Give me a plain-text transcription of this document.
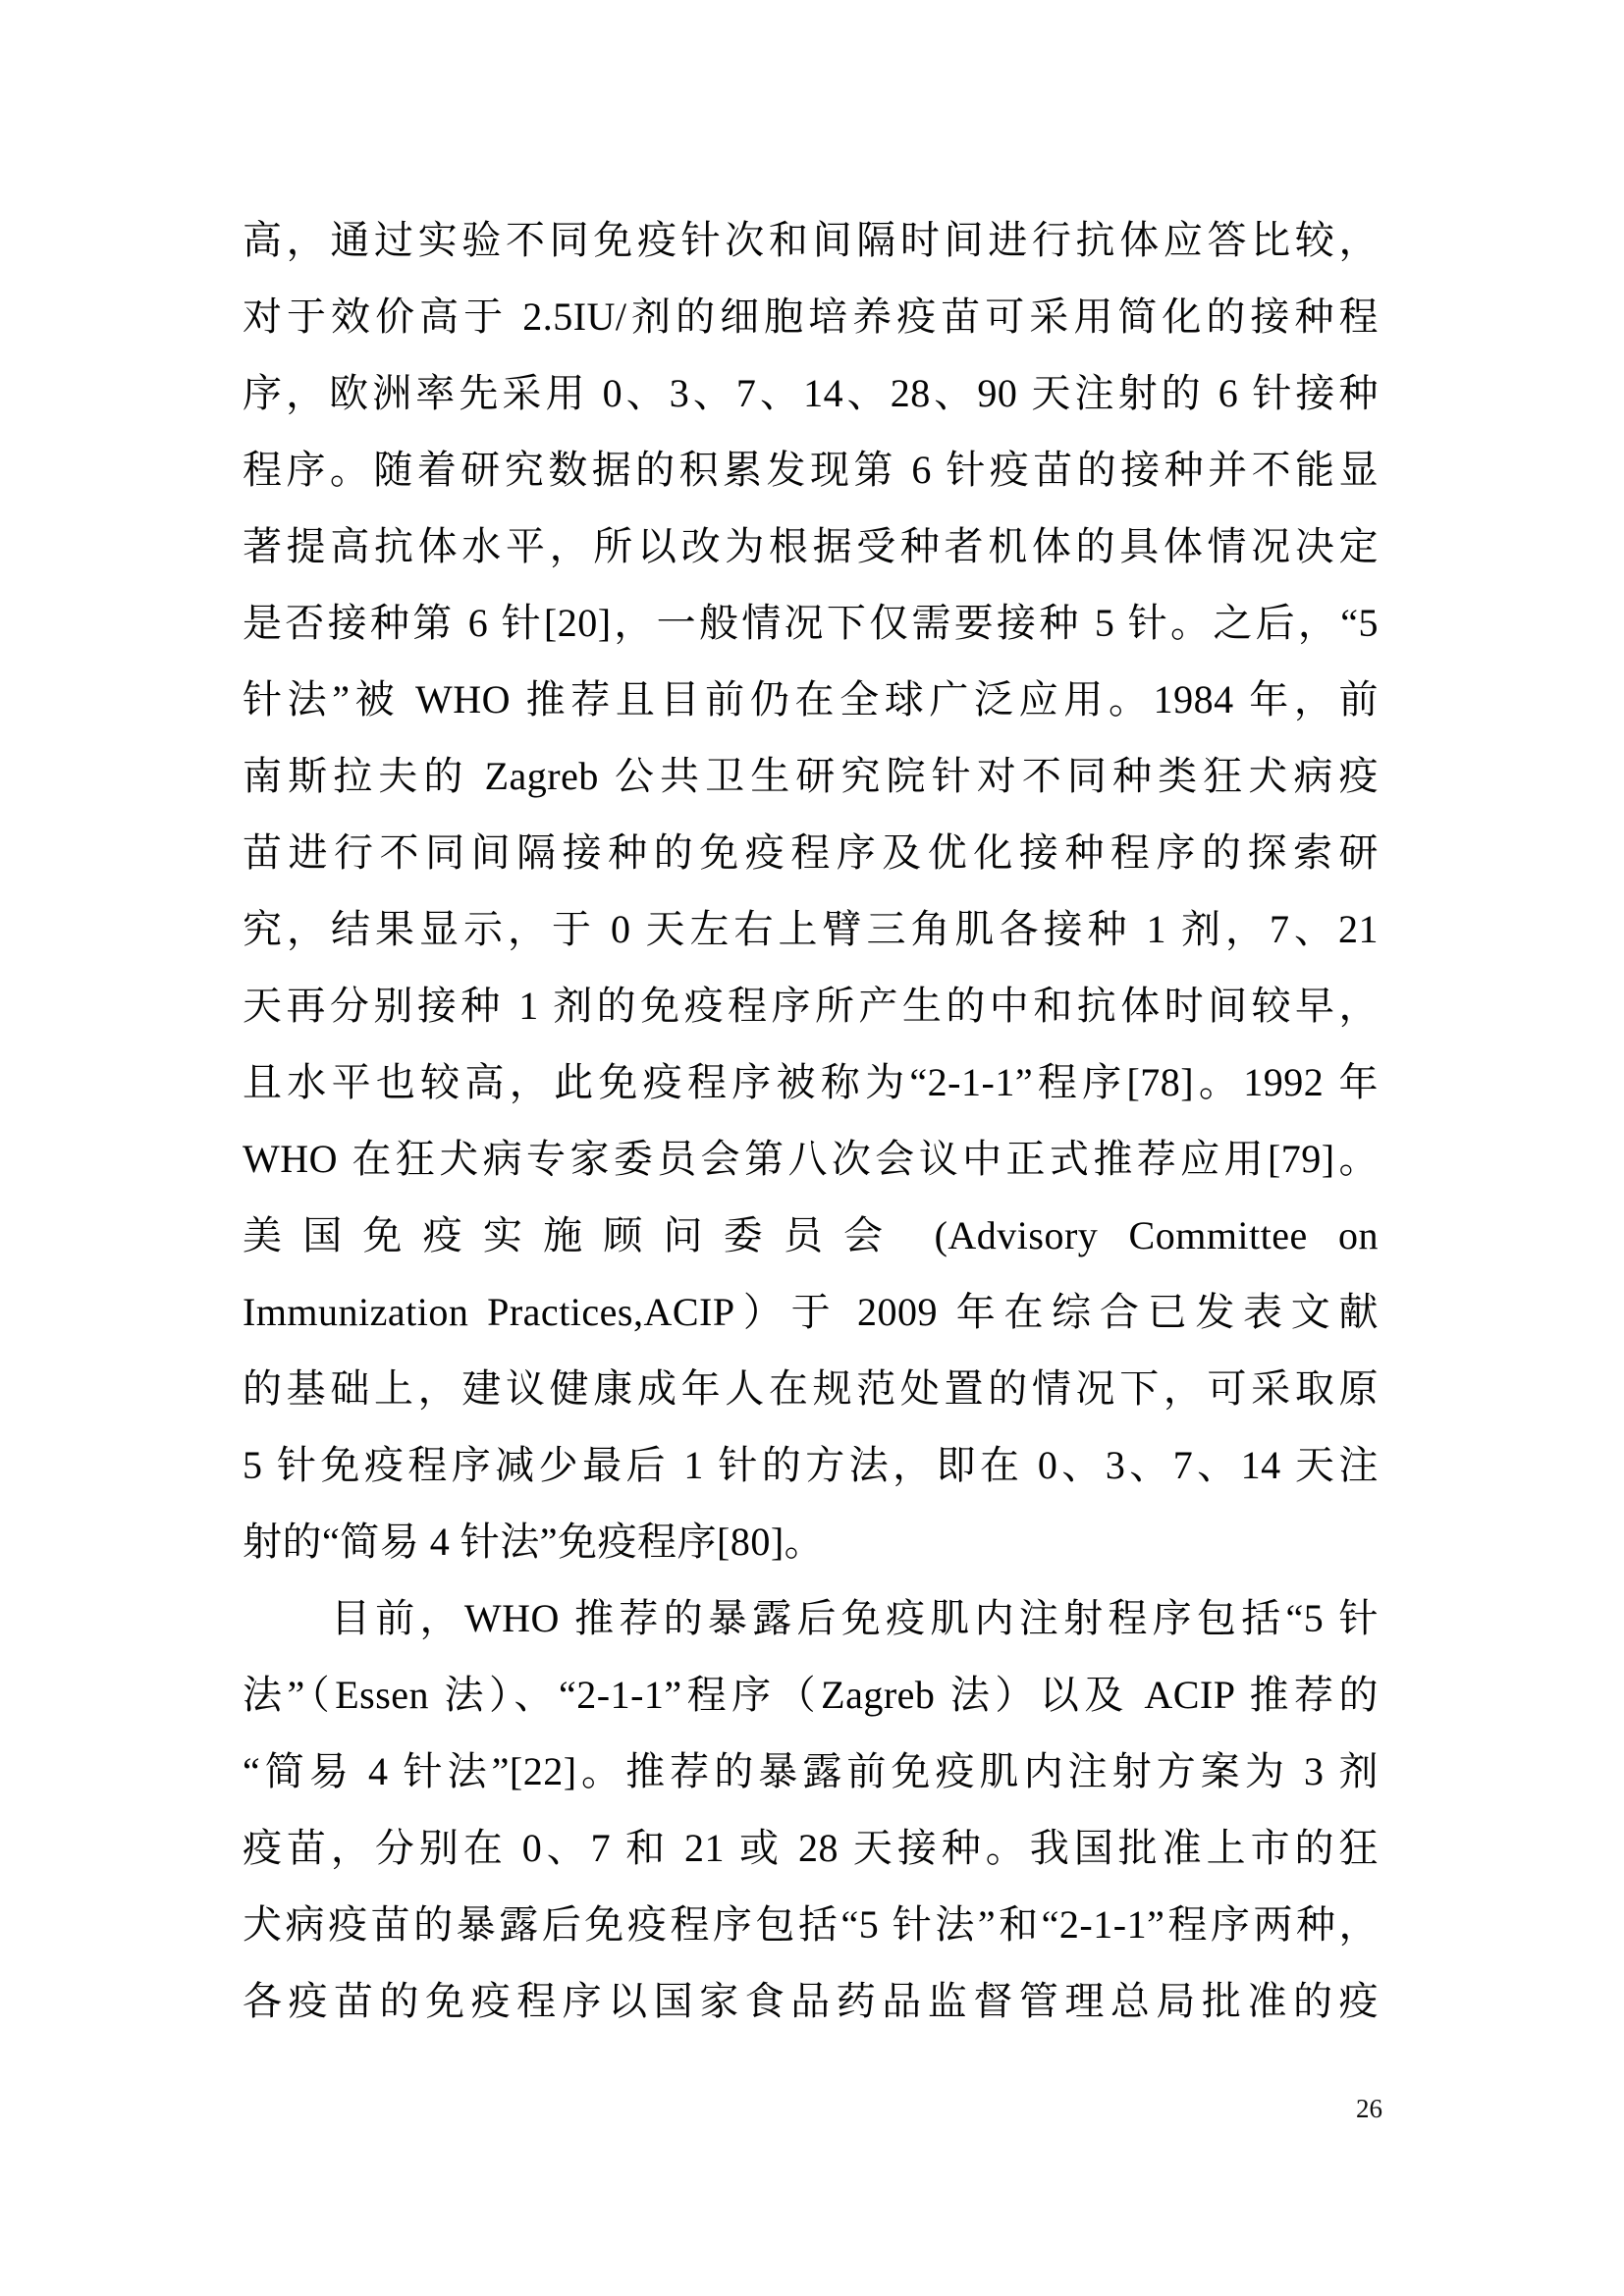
高，通过实验不同免疫针次和间隔时间进行抗体应答比较，
对于效价高于 2.5IU/剂的细胞培养疫苗可采用简化的接种程
序，欧洲率先采用 0、3、7、14、28、90 天注射的 6 针接种
程序。随着研究数据的积累发现第 6 针疫苗的接种并不能显
著提高抗体水平，所以改为根据受种者机体的具体情况决定
是否接种第 6 针[20]，一般情况下仅需要接种 5 针。之后，“5
针法”被 WHO 推荐且目前仍在全球广泛应用。1984 年，前
南斯拉夫的 Zagreb 公共卫生研究院针对不同种类狂犬病疫
苗进行不同间隔接种的免疫程序及优化接种程序的探索研
究，结果显示，于 0 天左右上臂三角肌各接种 1 剂，7、21
天再分别接种 1 剂的免疫程序所产生的中和抗体时间较早，
且水平也较高，此免疫程序被称为“2-1-1”程序[78]。1992 年
WHO 在狂犬病专家委员会第八次会议中正式推荐应用[79]。
美国免疫实施顾问委员会 (Advisory Committee on
Immunization Practices,ACIP）于 2009 年在综合已发表文献
的基础上，建议健康成年人在规范处置的情况下，可采取原
5 针免疫程序减少最后 1 针的方法，即在 0、3、7、14 天注
射的“简易 4 针法”免疫程序[80]。
目前，WHO 推荐的暴露后免疫肌内注射程序包括“5 针
法”（Essen 法）、“2-1-1”程序（Zagreb 法）以及 ACIP 推荐的
“简易 4 针法”[22]。推荐的暴露前免疫肌内注射方案为 3 剂
疫苗，分别在 0、7 和 21 或 28 天接种。我国批准上市的狂
犬病疫苗的暴露后免疫程序包括“5 针法”和“2-1-1”程序两种，
各疫苗的免疫程序以国家食品药品监督管理总局批准的疫
26
